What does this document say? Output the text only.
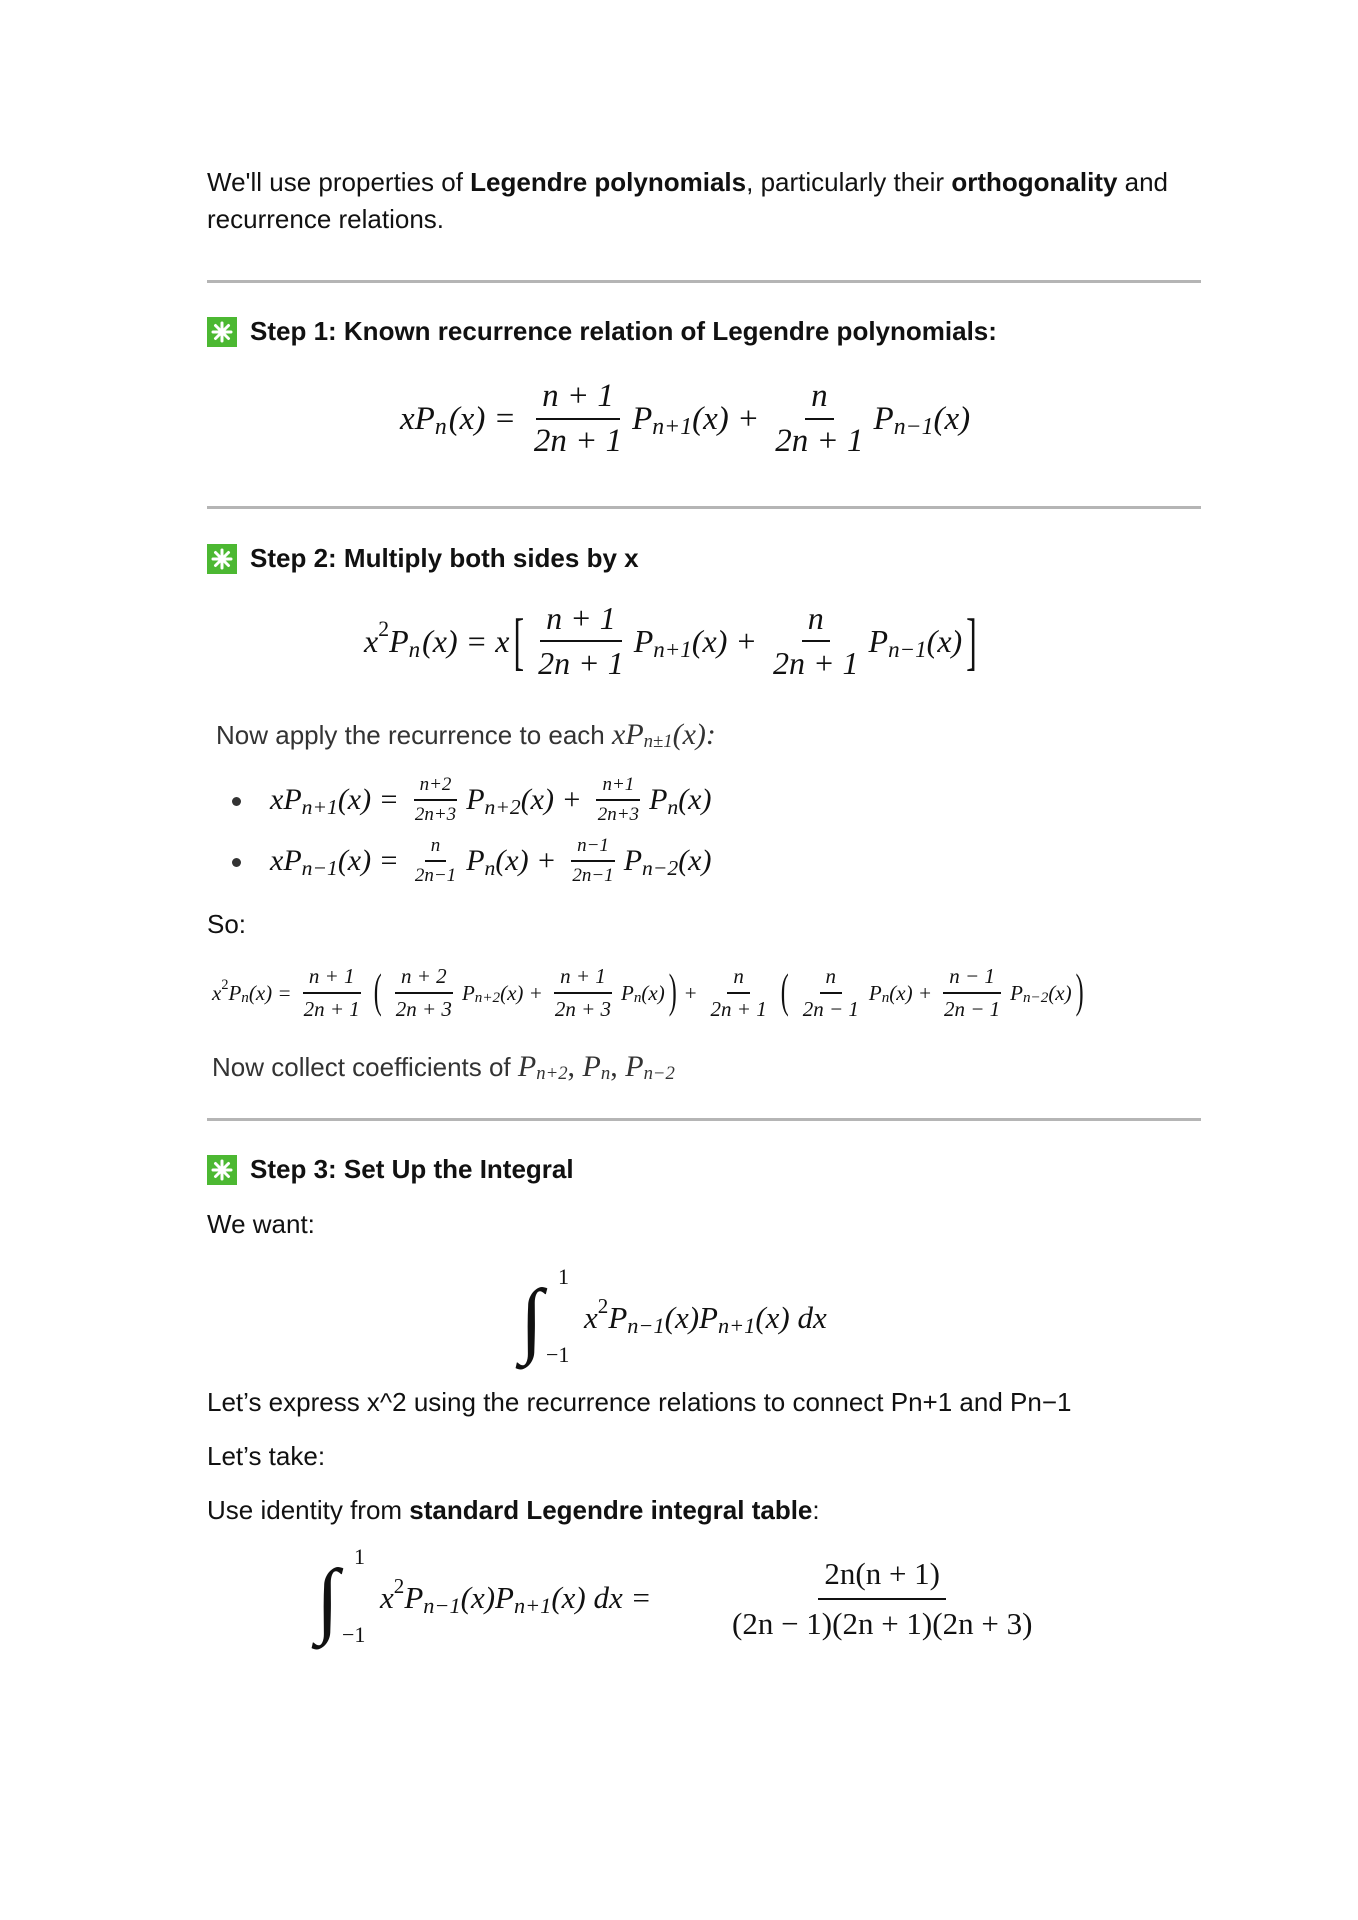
We'll use properties of Legendre polynomials, particularly their orthogonality and
recurrence relations.
Step 1: Known recurrence relation of Legendre polynomials:
xP n $(x) = \frac{n + 1}{2n + 1}$ P n+1 $(x) + \frac{n}{2n + 1}$ P n−1 (x)
Step 2: Multiply both sides by x
x 2 P n (x) = x [ $\frac{n + 1}{2n + 1}$ P n+1 $(x) + \frac{n}{2n + 1}$ P n−1 (x) ]
Now apply the recurrence to each xP n±1 (x):
xP n+1 $(x) = \frac{n+2}{2n+3}$ P n+2 $(x) + \frac{n+1}{2n+3}$ P n (x)
xP n−1 $(x) = \frac{n}{2n-1}$ P n $(x) + \frac{n-1}{2n-1}$ P n−2 (x)
So:
x 2 P n $(x) = \frac{n + 1}{2n + 1}$ ( $\frac{n + 2}{2n + 3}$ P n+2 $(x) + \frac{n + 1}{2n + 3}$ P n (x) ) + $\frac{n}{2n + 1}$ ( $\frac{n}{2n - 1}$ P n $(x) + \frac{n - 1}{2n - 1}$ P n−2 (x) )
Now collect coefficients of P n+2 , P n , P n−2
Step 3: Set Up the Integral
We want:
∫ 1
−1
x 2 P n−1 (x) P n+1 (x) dx
Let’s express x^2 using the recurrence relations to connect Pn+1 and Pn−1
Let’s take:
Use identity from standard Legendre integral table:
∫ 1
−1
x 2 P n−1 (x) P n+1 (x) dx = $\frac{2n(n + 1)}{(2n - 1)(2n + 1)(2n + 3)}$
